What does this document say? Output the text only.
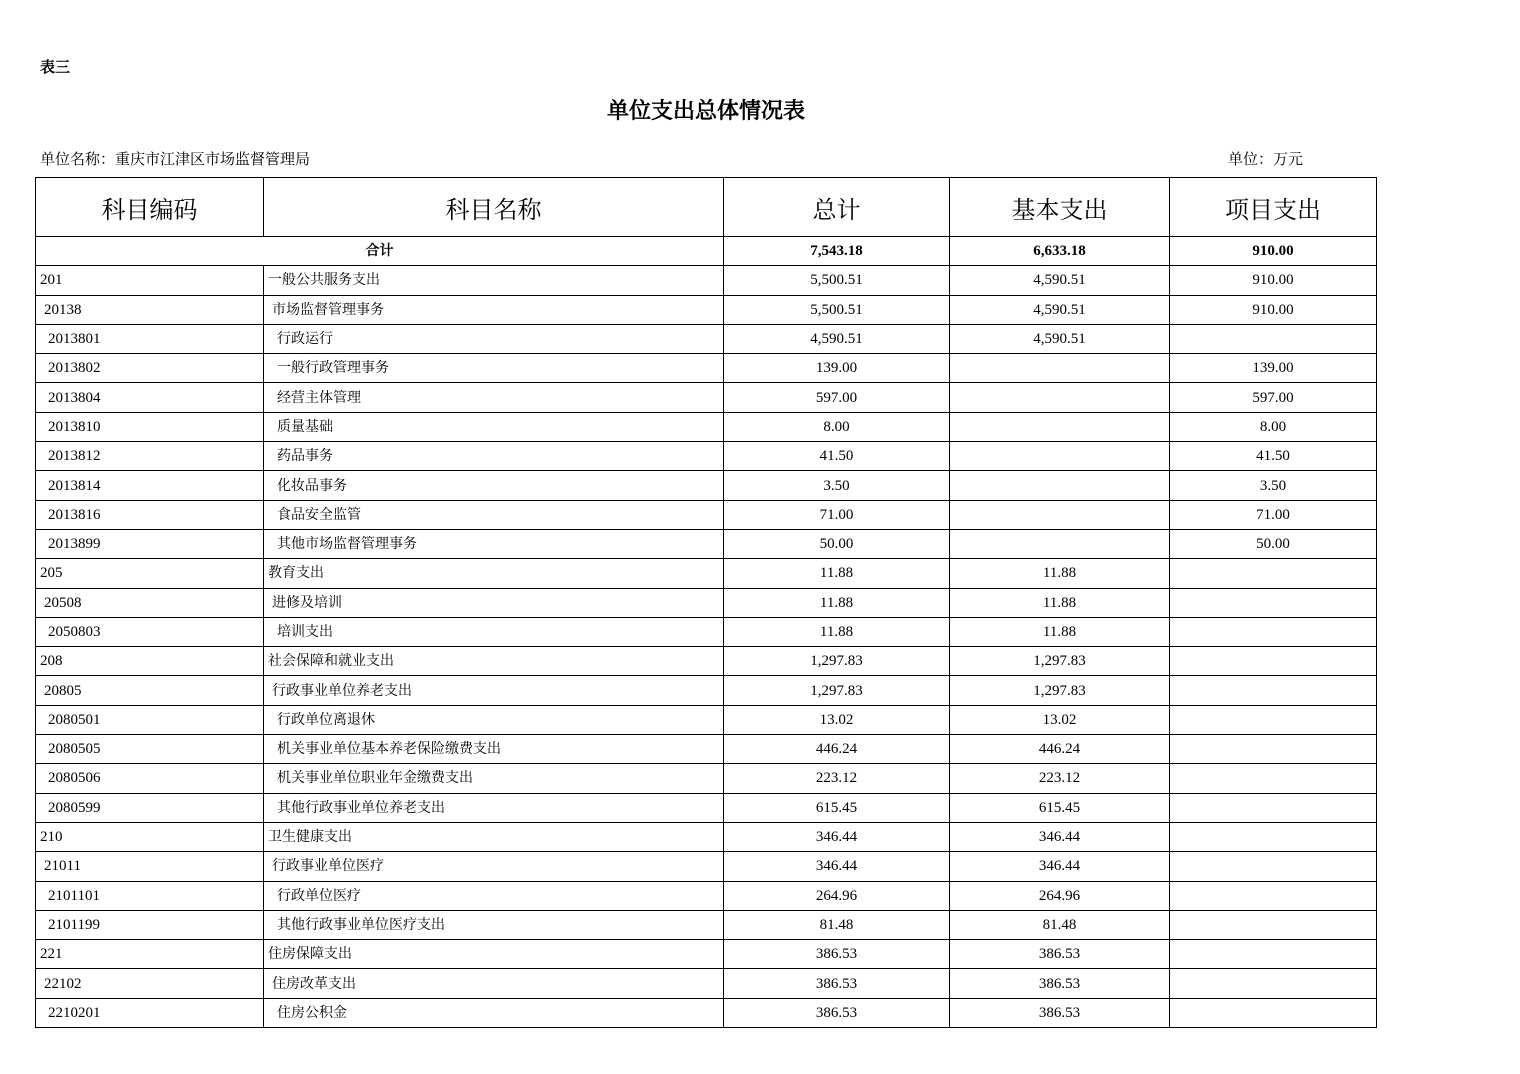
表三
单位支出总体情况表
单位名称：重庆市江津区市场监督管理局	单位：万元
科目编码	科目名称	总计	基本支出	项目支出
合计		7,543.18	6,633.18	910.00
201	一般公共服务支出	5,500.51	4,590.51	910.00
20138	市场监督管理事务	5,500.51	4,590.51	910.00
2013801	行政运行	4,590.51	4,590.51	
2013802	一般行政管理事务	139.00		139.00
2013804	经营主体管理	597.00		597.00
2013810	质量基础	8.00		8.00
2013812	药品事务	41.50		41.50
2013814	化妆品事务	3.50		3.50
2013816	食品安全监管	71.00		71.00
2013899	其他市场监督管理事务	50.00		50.00
205	教育支出	11.88	11.88	
20508	进修及培训	11.88	11.88	
2050803	培训支出	11.88	11.88	
208	社会保障和就业支出	1,297.83	1,297.83	
20805	行政事业单位养老支出	1,297.83	1,297.83	
2080501	行政单位离退休	13.02	13.02	
2080505	机关事业单位基本养老保险缴费支出	446.24	446.24	
2080506	机关事业单位职业年金缴费支出	223.12	223.12	
2080599	其他行政事业单位养老支出	615.45	615.45	
210	卫生健康支出	346.44	346.44	
21011	行政事业单位医疗	346.44	346.44	
2101101	行政单位医疗	264.96	264.96	
2101199	其他行政事业单位医疗支出	81.48	81.48	
221	住房保障支出	386.53	386.53	
22102	住房改革支出	386.53	386.53	
2210201	住房公积金	386.53	386.53	
